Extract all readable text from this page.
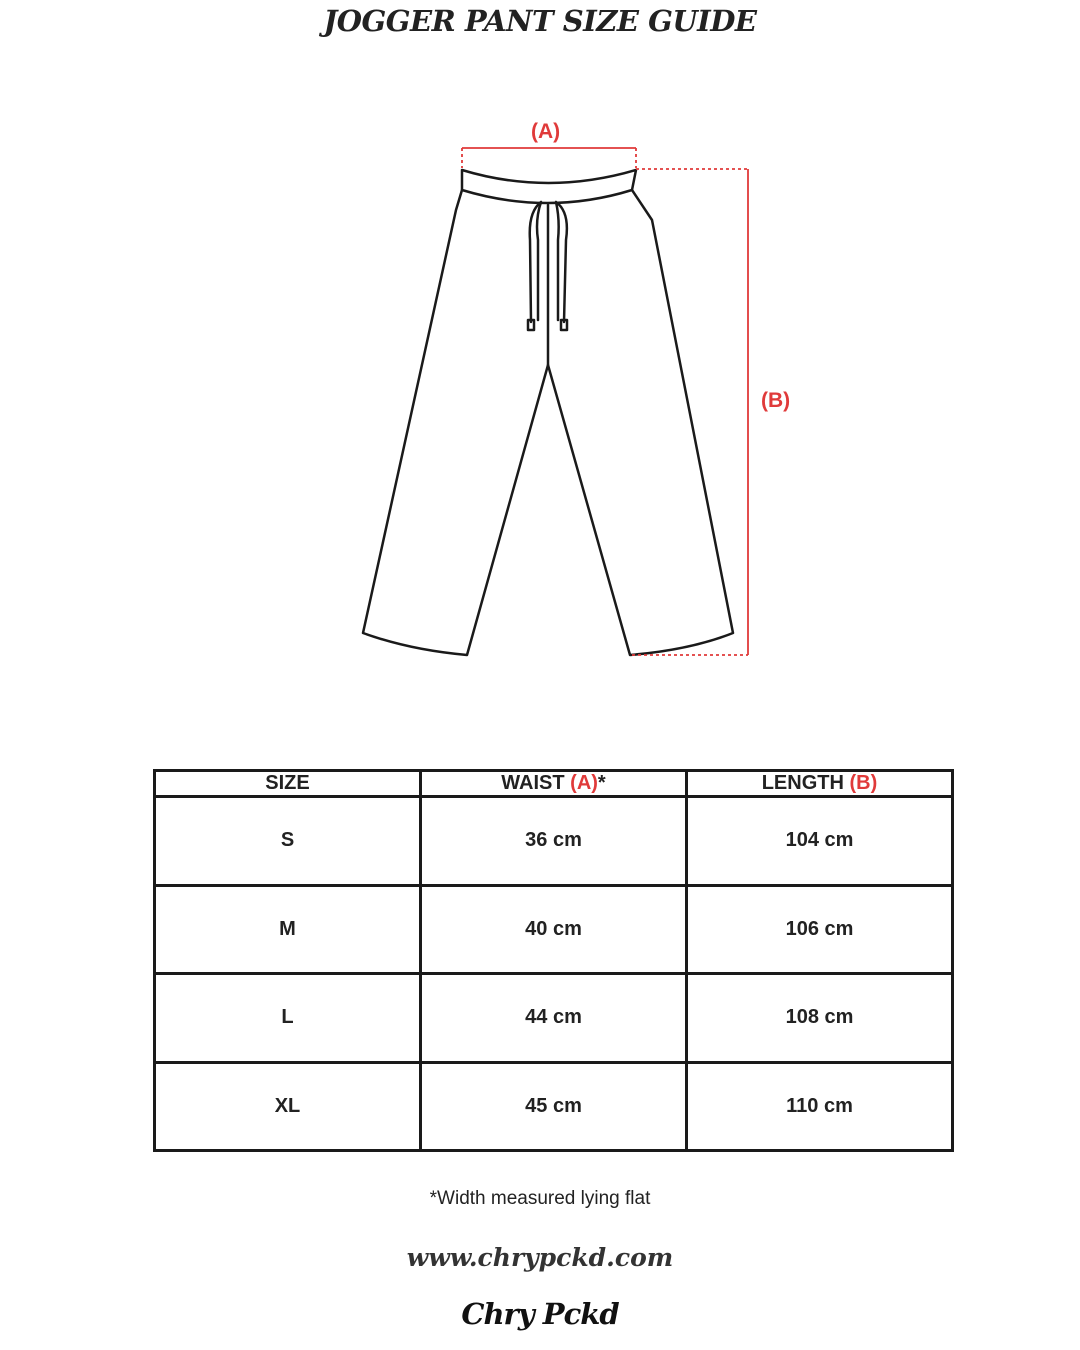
JOGGER PANT SIZE GUIDE
(A)
(B)
SIZE	WAIST (A)*	LENGTH (B)
S	36 cm	104 cm
M	40 cm	106 cm
L	44 cm	108 cm
XL	45 cm	110 cm
*Width measured lying flat
www.chrypckd.com
Chry Pckd
